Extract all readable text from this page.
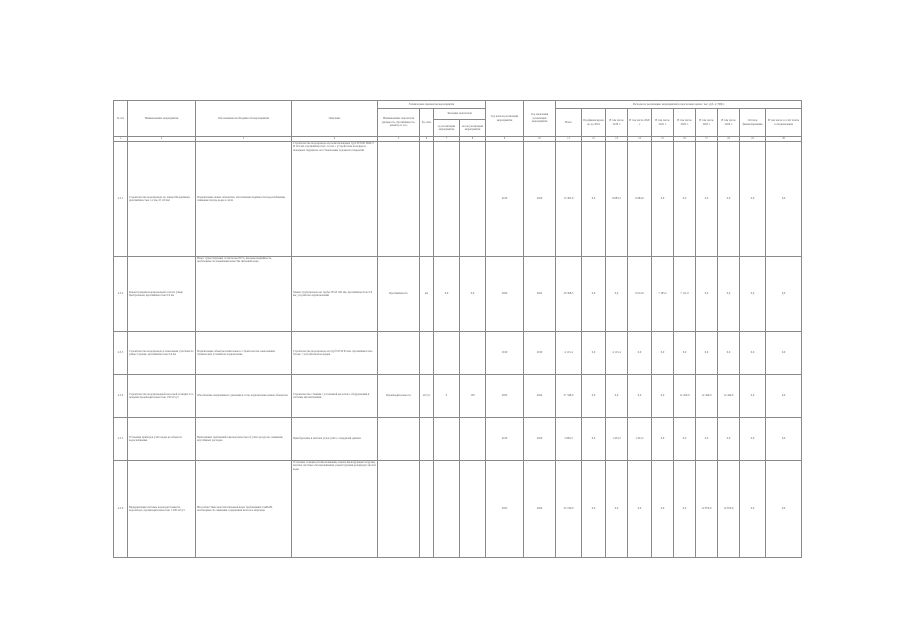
№ п/п	Наименование мероприятия	Обоснование необходимости мероприятия	Описание	Технические параметры мероприятия				Год начала реализации мероприятия	Год окончания реализации мероприятия	Расходы на реализацию мероприятий в прогнозных ценах, тыс. руб. (с НДС)									
				Наименование показателя (мощность, протяжённость, диаметр и т.п.)	Ед. изм.	Значение показателя				Всего	Профинансировано до 2019	В том числе 2019 г.	В том числе 2020 г.	В том числе 2021 г.	В том числе 2022 г.	В том числе 2023 г.	В том числе 2024 г.	Остаток финансирования	В том числе за счёт платы за подключение
						до реализации мероприятия	после реализации мероприятия												
1	2	3	4	5	6	7	8	9	10	11	12	13	14	15	16	17	18	19	20
2.3.1	Строительство водопровода по улице Молодёжная, протяжённостью 1,2 км, Ø 110 мм	Подключение новых абонентов, обеспечение надёжности водоснабжения, снижение потерь воды в сетях	Строительство водопровода из полиэтиленовых труб ПЭ100 SDR17 Ø 110 мм, протяжённостью 1,2 км, с устройством колодцев и пожарных гидрантов, восстановление дорожного покрытия					2019	2020	15 365,9	0,0	8 683,3	6 682,6	0,0	0,0	0,0	0,0	0,0	0,0
2.3.2	Реконструкция водопроводной сети по улице Центральная, протяжённостью 0,9 км	Износ существующих сетей более 80 %, высокая аварийность, необходимость повышения качества питьевой воды	Замена трубопровода на трубы ПЭ Ø 160 мм, протяжённостью 0,9 км, устройство переключений	Протяжённость	км	0,9	0,9	2020	2022	20 308,5	0,0	0,0	6 012,0	7 185,5	7 111,0	0,0	0,0	0,0	0,0
2.3.3	Строительство водопровода к земельным участкам по улице Садовая, протяжённостью 0,6 км	Подключение объектов капитального строительства, выполнение технических условий на подключение	Строительство водопровода из труб ПЭ Ø 63 мм, протяжённостью 0,6 км, с устройством колодцев					2019	2019	4 115,4	0,0	4 115,4	0,0	0,0	0,0	0,0	0,0	0,0	0,0
2.3.4	Строительство водопроводной насосной станции 2-го подъёма производительностью 150 м³/сут	Обеспечение нормативного давления в сети, подключение новых абонентов	Строительство станции с установкой насосного оборудования и системы автоматизации	Производительность	м³/сут	0	150	2022	2024	37 348,0	0,0	0,0	0,0	0,0	12 450,0	12 449,0	12 449,0	0,0	0,0
2.3.5	Установка приборов учёта воды на объектах водоснабжения	Выполнение требований законодательства об учёте ресурсов, снижение неучтённых расходов	Приобретение и монтаж узлов учёта с передачей данных					2019	2020	2 906,3	0,0	1 453,2	1 453,1	0,0	0,0	0,0	0,0	0,0	0,0
2.3.6	Модернизация системы водоподготовки на водозаборе, производительностью 1 200 м³/сут	Несоответствие качества питьевой воды требованиям СанПиН, необходимость снижения содержания железа и марганца	Установка станции обезжелезивания, замена фильтрующей загрузки, монтаж системы обеззараживания, реконструкция резервуара чистой воды					2023	2024	25 740,0	0,0	0,0	0,0	0,0	0,0	12 870,0	12 870,0	0,0	0,0
